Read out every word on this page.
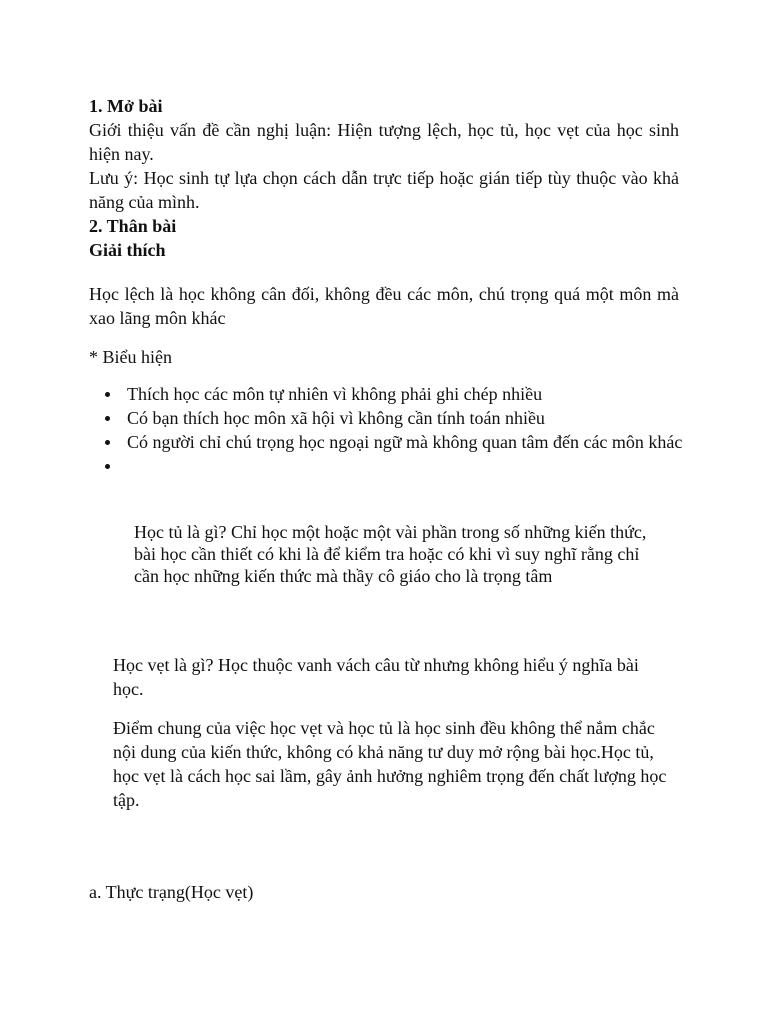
1. Mở bài

Giới thiệu vấn đề cần nghị luận: Hiện tượng lệch, học tủ, học vẹt của học sinh hiện nay.

Lưu ý: Học sinh tự lựa chọn cách dẫn trực tiếp hoặc gián tiếp tùy thuộc vào khả năng của mình.

2. Thân bài
Giải thích

Học lệch là học không cân đối, không đều các môn, chú trọng quá một môn mà xao lãng môn khác

* Biểu hiện
Thích học các môn tự nhiên vì không phải ghi chép nhiều
Có bạn thích học môn xã hội vì không cần tính toán nhiều
Có người chỉ chú trọng học ngoại ngữ mà không quan tâm đến các môn khác

Học tủ là gì? Chỉ học một hoặc một vài phần trong số những kiến thức, bài học cần thiết có khi là để kiểm tra hoặc có khi vì suy nghĩ rằng chỉ cần học những kiến thức mà thầy cô giáo cho là trọng tâm

Học vẹt là gì? Học thuộc vanh vách câu từ nhưng không hiểu ý nghĩa bài học.

Điểm chung của việc học vẹt và học tủ là học sinh đều không thể nắm chắc nội dung của kiến thức, không có khả năng tư duy mở rộng bài học.Học tủ, học vẹt là cách học sai lầm, gây ảnh hưởng nghiêm trọng đến chất lượng học tập.

a. Thực trạng(Học vẹt)
